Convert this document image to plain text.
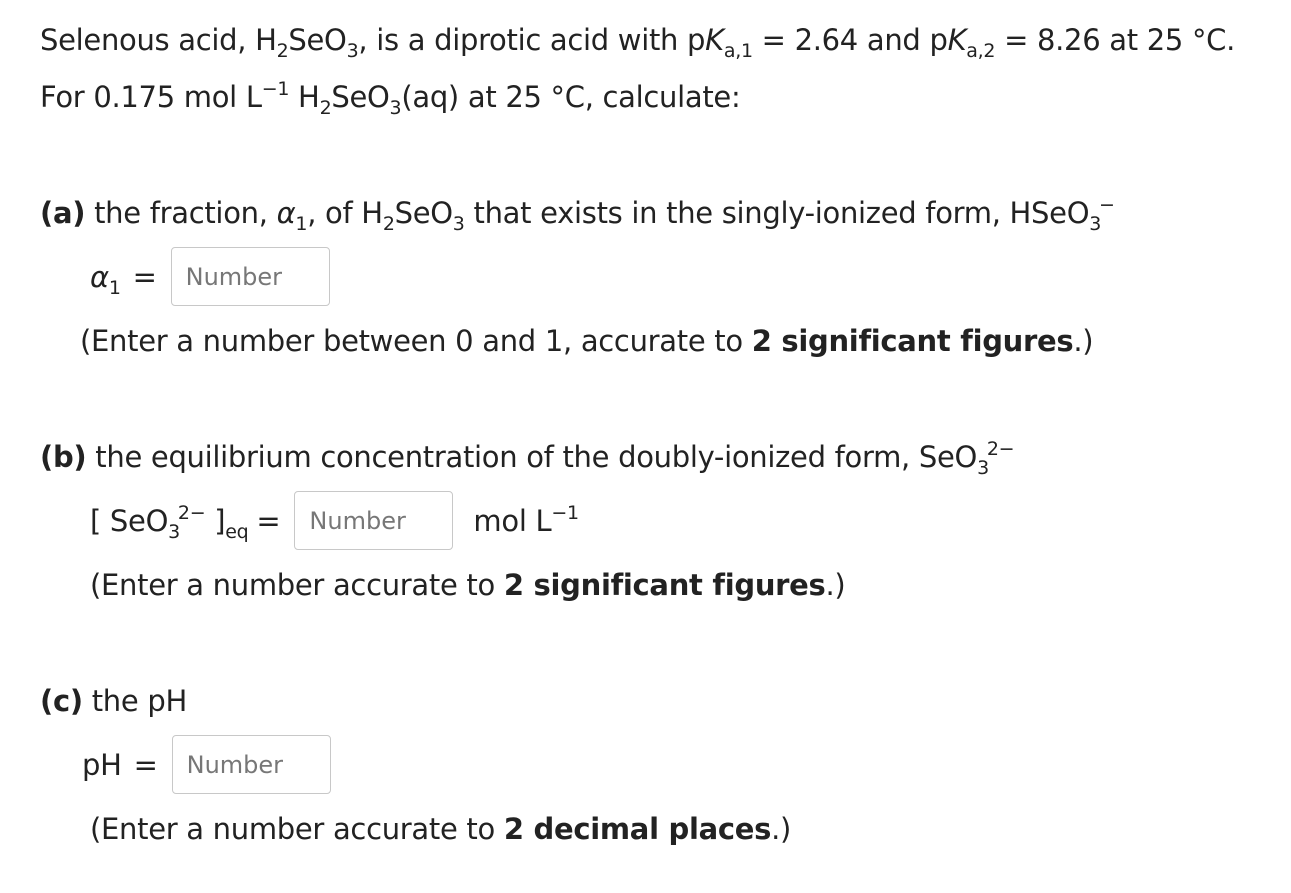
Selenous acid, $H_2SeO_3$, is a diprotic acid with $pK_{a,1} = 2.64$ and $pK_{a,2} = 8.26$ at 25 °C.
For 0.175 mol $L^{-1}$ $H_2SeO_3(aq)$ at 25 °C, calculate:
(a) the fraction, $\alpha_1$, of $H_2SeO_3$ that exists in the singly-ionized form, HSeO$_3$−
$\alpha_1$ =
Number
(Enter a number between 0 and 1, accurate to 2 significant figures.)
(b) the equilibrium concentration of the doubly-ionized form, SeO$_3^{2-}$
[ SeO$_3^{2-}$ ]$_{eq}$ =
Number	mol $L^{-1}$
(Enter a number accurate to 2 significant figures.)
(c) the pH
pH =
Number
(Enter a number accurate to 2 decimal places.)
